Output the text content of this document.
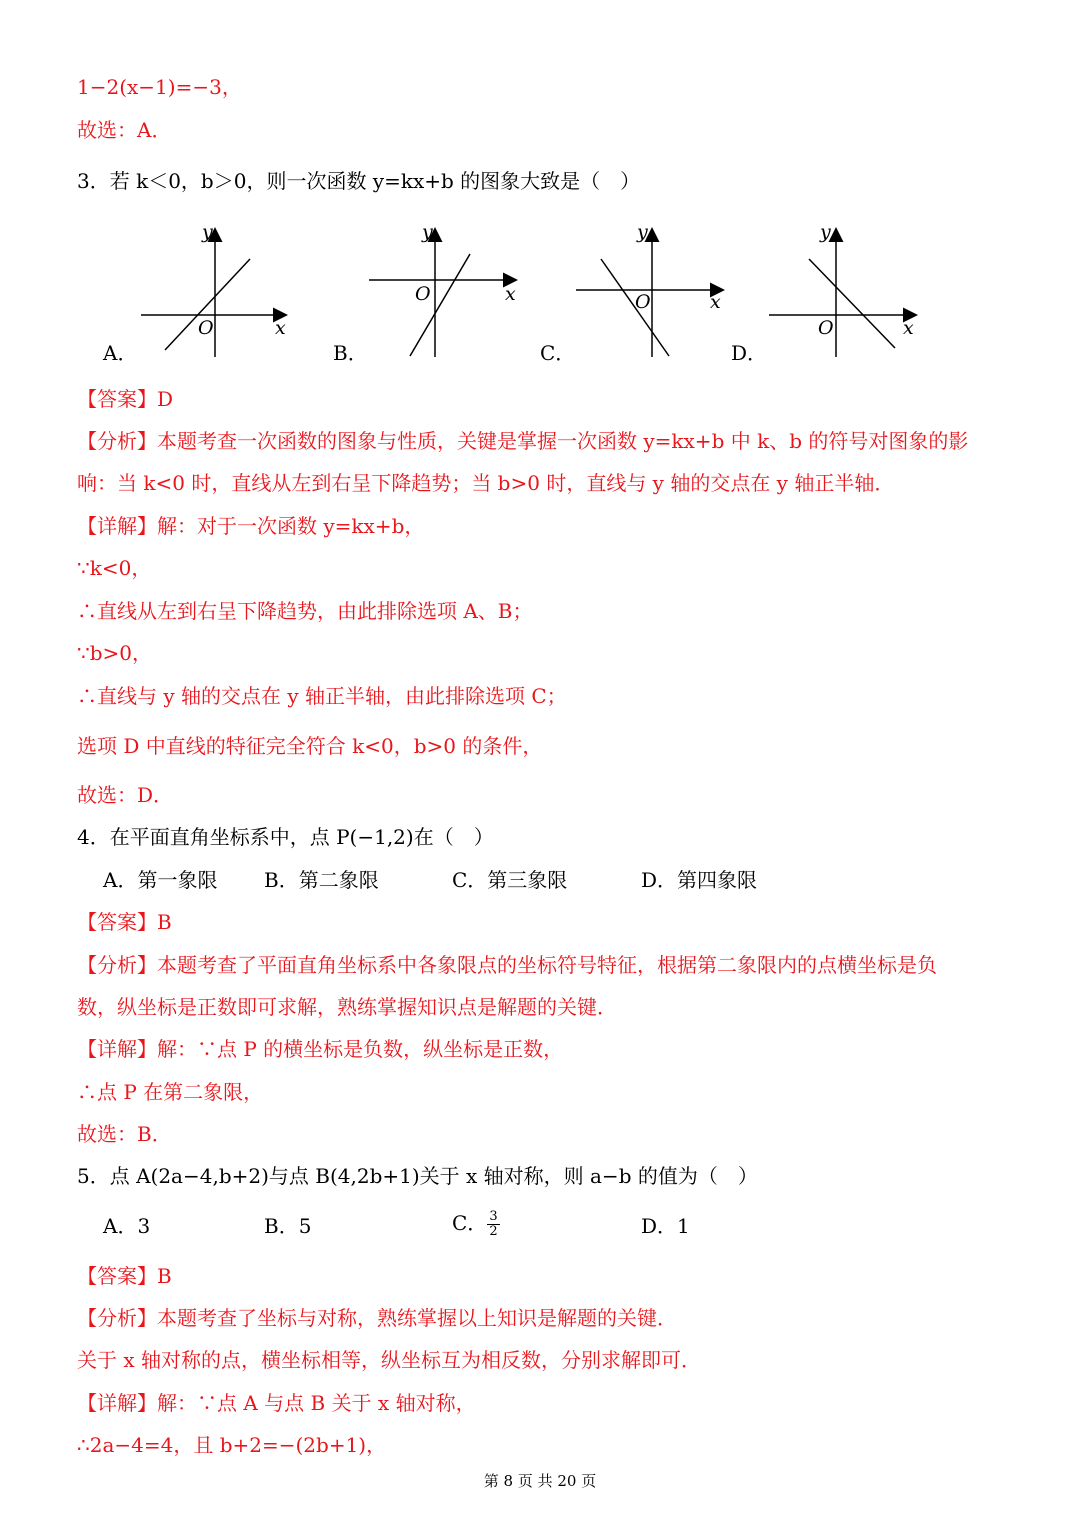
1−2(x−1)=−3，
故选：A．
3．若 k＜0，b＞0，则一次函数 y=kx+b 的图象大致是（　）
y
x
O
A．
y
x
O
B．
y
x
O
C．
y
x
O
D．
【答案】D
【分析】本题考查一次函数的图象与性质，关键是掌握一次函数 y=kx+b 中 k、b 的符号对图象的影
响：当 k<0 时，直线从左到右呈下降趋势；当 b>0 时，直线与 y 轴的交点在 y 轴正半轴．
【详解】解：对于一次函数 y=kx+b，
∵k<0，
∴直线从左到右呈下降趋势，由此排除选项 A、B；
∵b>0，
∴直线与 y 轴的交点在 y 轴正半轴，由此排除选项 C；
选项 D 中直线的特征完全符合 k<0，b>0 的条件，
故选：D．
4．在平面直角坐标系中，点 P(−1,2)在（　）
A．第一象限 B．第二象限	C．第三象限	D．第四象限
【答案】B
【分析】本题考查了平面直角坐标系中各象限点的坐标符号特征，根据第二象限内的点横坐标是负
数，纵坐标是正数即可求解，熟练掌握知识点是解题的关键．
【详解】解：∵点 P 的横坐标是负数，纵坐标是正数，
∴点 P 在第二象限，
故选：B．
5．点 A(2a−4,b+2)与点 B(4,2b+1)关于 x 轴对称，则 a−b 的值为（　）
A．3	B．5	C． $\frac{3}{2}$	D．1
【答案】B
【分析】本题考查了坐标与对称，熟练掌握以上知识是解题的关键．
关于 x 轴对称的点，横坐标相等，纵坐标互为相反数，分别求解即可．
【详解】解：∵点 A 与点 B 关于 x 轴对称，
∴2a−4=4，且 b+2=−(2b+1)，
第 8 页 共 20 页
